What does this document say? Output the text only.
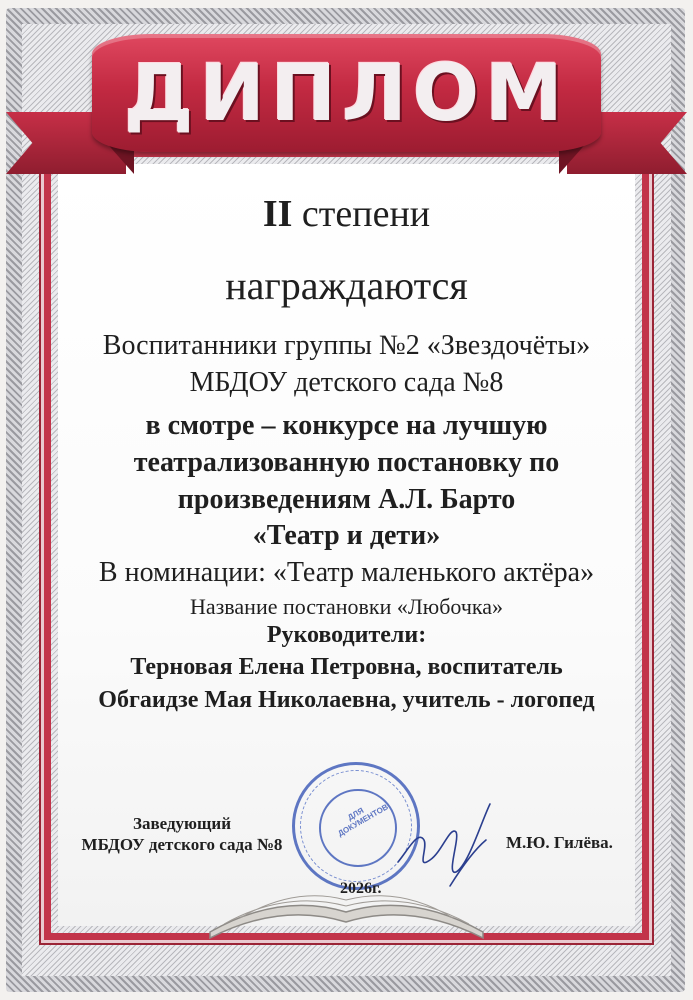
ДИПЛОМ
II степени
награждаются
Воспитанники группы №2 «Звездочёты»
МБДОУ детского сада №8
в смотре – конкурсе на лучшую
театрализованную постановку по
произведениям А.Л. Барто
«Театр и дети»
В номинации: «Театр маленького актёра»
Название постановки «Любочка»
Руководители:
Терновая Елена Петровна, воспитатель
Обгаидзе Мая Николаевна, учитель - логопед
Заведующий
МБДОУ детского сада №8	М.Ю. Гилёва.
ДЛЯ ДОКУМЕНТОВ
2026г.
